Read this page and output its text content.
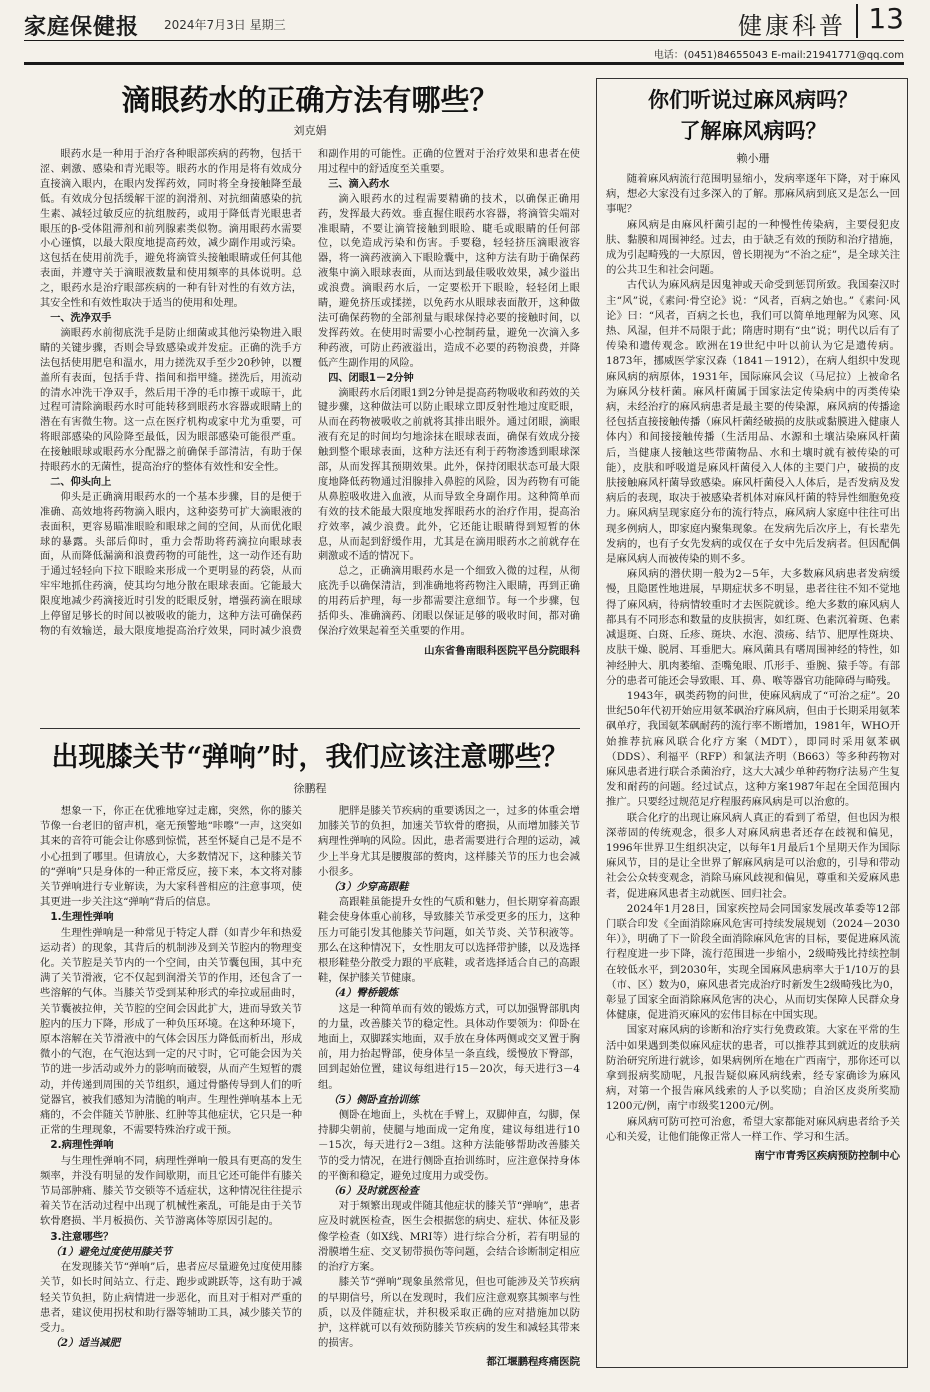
家庭保健报 2024年7月3日 星期三	健康科普 13
电话：(0451)84655043 E-mail:21941771@qq.com
滴眼药水的正确方法有哪些？
刘克娟

眼药水是一种用于治疗各种眼部疾病的药物，包括干涩、刺激、感染和青光眼等。眼药水的作用是将有效成分直接滴入眼内，在眼内发挥药效，同时将全身接触降至最低。有效成分包括缓解干涩的润滑剂、对抗细菌感染的抗生素、减轻过敏反应的抗组胺药，或用于降低青光眼患者眼压的β-受体阻滞剂和前列腺素类似物。滴用眼药水需要小心谨慎，以最大限度地提高药效，减少副作用或污染。这包括在使用前洗手，避免将滴管头接触眼睛或任何其他表面，并遵守关于滴眼液数量和使用频率的具体说明。总之，眼药水是治疗眼部疾病的一种有针对性的有效方法，其安全性和有效性取决于适当的使用和处理。

一、洗净双手

滴眼药水前彻底洗手是防止细菌或其他污染物进入眼睛的关键步骤，否则会导致感染或并发症。正确的洗手方法包括使用肥皂和温水，用力搓洗双手至少20秒钟，以覆盖所有表面，包括手背、指间和指甲缝。搓洗后，用流动的清水冲洗干净双手，然后用干净的毛巾擦干或晾干，此过程可清除滴眼药水时可能转移到眼药水容器或眼睛上的潜在有害微生物。这一点在医疗机构或家中尤为重要，可将眼部感染的风险降至最低，因为眼部感染可能很严重。在接触眼球或眼药水分配器之前确保手部清洁，有助于保持眼药水的无菌性，提高治疗的整体有效性和安全性。

二、仰头向上

仰头是正确滴用眼药水的一个基本步骤，目的是便于准确、高效地将药物滴入眼内，这种姿势可扩大滴眼液的表面积，更容易瞄准眼睑和眼球之间的空间，从而优化眼球的暴露。头部后仰时，重力会帮助将药滴拉向眼球表面，从而降低漏滴和浪费药物的可能性，这一动作还有助于通过轻轻向下拉下眼睑来形成一个更明显的药袋，从而牢牢地抓住药滴，使其均匀地分散在眼球表面。它能最大限度地减少药滴接近时引发的眨眼反射，增强药滴在眼球上停留足够长的时间以被吸收的能力，这种方法可确保药物的有效输送，最大限度地提高治疗效果，同时减少浪费和副作用的可能性。正确的位置对于治疗效果和患者在使用过程中的舒适度至关重要。

三、滴入药水

滴入眼药水的过程需要精确的技术，以确保正确用药，发挥最大药效。垂直握住眼药水容器，将滴管尖端对准眼睛，不要让滴管接触到眼睑、睫毛或眼睛的任何部位，以免造成污染和伤害。手要稳，轻轻挤压滴眼液容器，将一滴药液滴入下眼睑囊中，这种方法有助于确保药液集中滴入眼球表面，从而达到最佳吸收效果，减少溢出或浪费。滴眼药水后，一定要松开下眼睑，轻轻闭上眼睛，避免挤压或揉搓，以免药水从眼球表面散开，这种做法可确保药物的全部剂量与眼球保持必要的接触时间，以发挥药效。在使用时需要小心控制药量，避免一次滴入多种药液，可防止药液溢出，造成不必要的药物浪费，并降低产生副作用的风险。

四、闭眼1－2分钟

滴眼药水后闭眼1到2分钟是提高药物吸收和药效的关键步骤，这种做法可以防止眼球立即反射性地过度眨眼，从而在药物被吸收之前就将其排出眼外。通过闭眼，滴眼液有充足的时间均匀地涂抹在眼球表面，确保有效成分接触到整个眼球表面，这种方法还有利于药物渗透到眼球深部，从而发挥其预期效果。此外，保持闭眼状态可最大限度地降低药物通过泪腺排入鼻腔的风险，因为药物有可能从鼻腔吸收进入血液，从而导致全身副作用。这种简单而有效的技术能最大限度地发挥眼药水的治疗作用，提高治疗效率，减少浪费。此外，它还能让眼睛得到短暂的休息，从而起到舒缓作用，尤其是在滴用眼药水之前就存在刺激或不适的情况下。

总之，正确滴用眼药水是一个细致入微的过程，从彻底洗手以确保清洁，到准确地将药物注入眼睛，再到正确的用药后护理，每一步都需要注意细节。每一个步骤，包括仰头、准确滴药、闭眼以保证足够的吸收时间，都对确保治疗效果起着至关重要的作用。

山东省鲁南眼科医院平邑分院眼科
出现膝关节“弹响”时，我们应该注意哪些？
徐鹏程

想象一下，你正在优雅地穿过走廊，突然，你的膝关节像一台老旧的留声机，毫无预警地“咔嚓”一声，这突如其来的音符可能会让你感到惊慌，甚至怀疑自己是不是不小心扭到了哪里。但请放心，大多数情况下，这种膝关节的“弹响”只是身体的一种正常反应，接下来，本文将对膝关节弹响进行专业解读，为大家科普相应的注意事项，使其更进一步关注这“弹响”背后的信息。

1.生理性弹响

生理性弹响是一种常见于特定人群（如青少年和热爱运动者）的现象，其背后的机制涉及到关节腔内的物理变化。关节腔是关节内的一个空间，由关节囊包围，其中充满了关节滑液，它不仅起到润滑关节的作用，还包含了一些溶解的气体。当膝关节受到某种形式的牵拉或屈曲时，关节囊被拉伸，关节腔的空间会因此扩大，进而导致关节腔内的压力下降，形成了一种负压环境。在这种环境下，原本溶解在关节滑液中的气体会因压力降低而析出，形成微小的气泡，在气泡达到一定的尺寸时，它可能会因为关节的进一步活动或外力的影响而破裂，从而产生短暂的震动，并传递到周围的关节组织，通过骨骼传导到人们的听觉器官，被我们感知为清脆的响声。生理性弹响基本上无痛的，不会伴随关节肿胀、红肿等其他症状，它只是一种正常的生理现象，不需要特殊治疗或干预。

2.病理性弹响

与生理性弹响不同，病理性弹响一般具有更高的发生频率，并没有明显的发作间歇期，而且它还可能伴有膝关节局部肿痛、膝关节交锁等不适症状，这种情况往往提示着关节在活动过程中出现了机械性紊乱，可能是由于关节软骨磨损、半月板损伤、关节游离体等原因引起的。

3.注意哪些？
（1）避免过度使用膝关节

在发现膝关节“弹响”后，患者应尽量避免过度使用膝关节，如长时间站立、行走、跑步或跳跃等，这有助于减轻关节负担，防止病情进一步恶化，而且对于相对严重的患者，建议使用拐杖和助行器等辅助工具，减少膝关节的受力。

（2）适当减肥

肥胖是膝关节疾病的重要诱因之一，过多的体重会增加膝关节的负担，加速关节软骨的磨损，从而增加膝关节病理性弹响的风险。因此，患者需要进行合理的运动，减少上半身尤其是腰腹部的赘肉，这样膝关节的压力也会减小很多。

（3）少穿高跟鞋

高跟鞋虽能提升女性的气质和魅力，但长期穿着高跟鞋会使身体重心前移，导致膝关节承受更多的压力，这种压力可能引发其他膝关节问题，如关节炎、关节积液等。那么在这种情况下，女性朋友可以选择带护膝，以及选择根形鞋垫分散受力跟的平底鞋，或者选择适合自己的高跟鞋，保护膝关节健康。

（4）臀桥锻炼

这是一种简单而有效的锻炼方式，可以加强臀部肌肉的力量，改善膝关节的稳定性。具体动作要领为：仰卧在地面上，双脚踩实地面，双手放在身体两侧或交叉置于胸前，用力抬起臀部，使身体呈一条直线，缓慢放下臀部，回到起始位置，建议每组进行15－20次，每天进行3－4组。

（5）侧卧直抬训练

侧卧在地面上，头枕在手臂上，双脚伸直，勾脚，保持脚尖朝前，使腿与地面成一定角度，建议每组进行10－15次，每天进行2－3组。这种方法能够帮助改善膝关节的受力情况，在进行侧卧直抬训练时，应注意保持身体的平衡和稳定，避免过度用力或受伤。

（6）及时就医检查

对于频繁出现或伴随其他症状的膝关节“弹响”，患者应及时就医检查，医生会根据您的病史、症状、体征及影像学检查（如X线、MRI等）进行综合分析，若有明显的滑膜增生症、交叉韧带损伤等问题，会结合诊断制定相应的治疗方案。

膝关节“弹响”现象虽然常见，但也可能涉及关节疾病的早期信号，所以在发现时，我们应注意观察其频率与性质，以及伴随症状，并积极采取正确的应对措施加以防护，这样就可以有效预防膝关节疾病的发生和减轻其带来的损害。

都江堰鹏程疼痛医院
你们听说过麻风病吗？
了解麻风病吗？
赖小珊

随着麻风病流行范围明显缩小，发病率逐年下降，对于麻风病，想必大家没有过多深入的了解。那麻风病到底又是怎么一回事呢？

麻风病是由麻风杆菌引起的一种慢性传染病，主要侵犯皮肤、黏膜和周围神经。过去，由于缺乏有效的预防和治疗措施，成为引起畸残的一大原因，曾长期视为“不治之症”，是全球关注的公共卫生和社会问题。

古代认为麻风病是因鬼神或天命受到惩罚所致。我国秦汉时主“风”说，《素问·骨空论》说：“风者，百病之始也。”《素问·风论》曰：“风者，百病之长也，我们可以简单地理解为风寒、风热、风湿，但并不局限于此；隋唐时期有“虫”说；明代以后有了传染和遗传观念。欧洲在19世纪中叶以前认为它是遗传病。1873年，挪威医学家汉森（1841－1912），在病人组织中发现麻风病的病原体，1931年，国际麻风会议（马尼拉）上被命名为麻风分枝杆菌。麻风杆菌属于国家法定传染病中的丙类传染病，未经治疗的麻风病患者是最主要的传染源，麻风病的传播途径包括直接接触传播（麻风杆菌经破损的皮肤或黏膜进入健康人体内）和间接接触传播（生活用品、水源和土壤沾染麻风杆菌后，当健康人接触这些带菌物品、水和土壤时就有被传染的可能），皮肤和呼吸道是麻风杆菌侵入人体的主要门户，破损的皮肤接触麻风杆菌导致感染。麻风杆菌侵入人体后，是否发病及发病后的表现，取决于被感染者机体对麻风杆菌的特异性细胞免疫力。麻风病呈现家庭分布的流行特点，麻风病人家庭中往往可出现多例病人，即家庭内聚集现象。在发病先后次序上，有长辈先发病的，也有子女先发病的或仅在子女中先后发病者。但因配偶是麻风病人而被传染的则不多。

麻风病的潜伏期一般为2－5年，大多数麻风病患者发病缓慢，且隐匿性地进展，早期症状多不明显，患者往往不知不觉地得了麻风病，待病情较重时才去医院就诊。绝大多数的麻风病人都具有不同形态和数量的皮肤损害，如红斑、色素沉着斑、色素减退斑、白斑、丘疹、斑块、水泡、溃疡、结节、肥厚性斑块、皮肤干燥、脱屑、耳垂肥大。麻风菌具有嗜周围神经的特性，如神经肿大、肌肉萎缩、歪嘴兔眼、爪形手、垂腕、猿手等。有部分的患者可能还会导致眼、耳、鼻、喉等器官功能障碍与畸残。

1943年，砜类药物的问世，使麻风病成了“可治之症”。20世纪50年代初开始应用氨苯砜治疗麻风病，但由于长期采用氨苯砜单疗，我国氨苯砜耐药的流行率不断增加，1981年，WHO开始推荐抗麻风联合化疗方案（MDT），即同时采用氨苯砜（DDS）、利福平（RFP）和氯法齐明（B663）等多种药物对麻风患者进行联合杀菌治疗，这大大减少单种药物疗法易产生复发和耐药的问题。经过试点，这种方案1987年起在全国范围内推广。只要经过规范足疗程服药麻风病是可以治愈的。

联合化疗的出现让麻风病人真正的看到了希望，但也因为根深蒂固的传统观念，很多人对麻风病患者还存在歧视和偏见，1996年世界卫生组织决定，以每年1月最后1个星期天作为国际麻风节，目的是让全世界了解麻风病是可以治愈的，引导和带动社会公众转变观念，消除马麻风歧视和偏见，尊重和关爱麻风患者，促进麻风患者主动就医、回归社会。

2024年1月28日，国家疾控局会同国家发展改革委等12部门联合印发《全面消除麻风危害可持续发展规划（2024－2030年）》，明确了下一阶段全面消除麻风危害的目标，要促进麻风流行程度进一步下降，流行范围进一步缩小，2级畸残比持续控制在较低水平，到2030年，实现全国麻风患病率大于1/10万的县（市、区）数为0，麻风患者完成治疗时新发生2级畸残比为0，彰显了国家全面消除麻风危害的决心，从而切实保障人民群众身体健康，促进消灭麻风的宏伟目标在中国实现。

国家对麻风病的诊断和治疗实行免费政策。大家在平常的生活中如果遇到类似麻风症状的患者，可以推荐其到就近的皮肤病防治研究所进行就诊，如果病例所在地在广西南宁，那你还可以拿到报病奖励呢，凡报告疑似麻风病线索，经专家确诊为麻风病，对第一个报告麻风线索的人予以奖励；自治区皮炎所奖励1200元/例，南宁市级奖1200元/例。

麻风病可防可控可治愈，希望大家都能对麻风病患者给予关心和关爱，让他们能像正常人一样工作、学习和生活。

南宁市青秀区疾病预防控制中心
